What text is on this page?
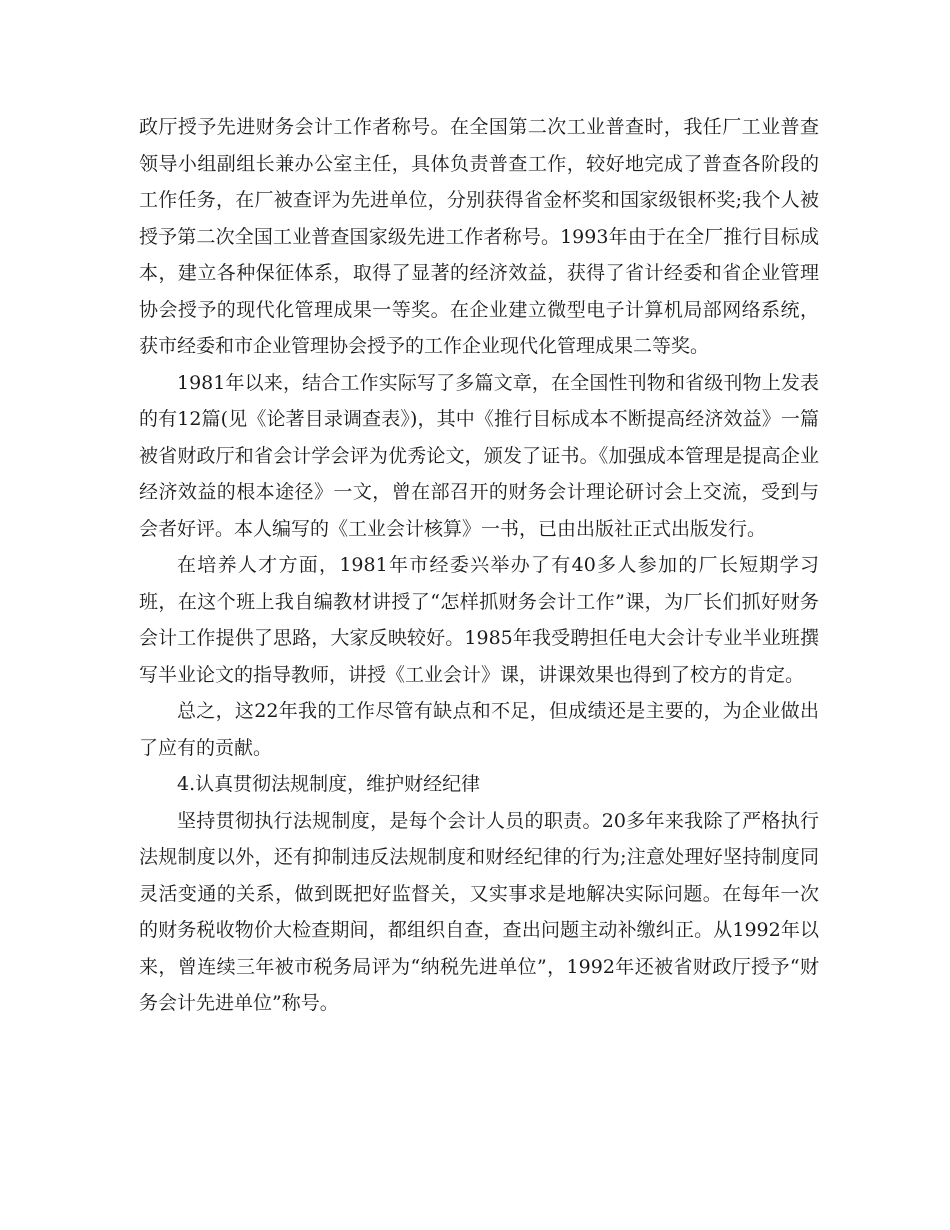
政厅授予先进财务会计工作者称号。在全国第二次工业普查时，我任厂工业普查领导小组副组长兼办公室主任，具体负责普查工作，较好地完成了普查各阶段的工作任务，在厂被查评为先进单位，分别获得省金杯奖和国家级银杯奖;我个人被授予第二次全国工业普查国家级先进工作者称号。1993年由于在全厂推行目标成本，建立各种保征体系，取得了显著的经济效益，获得了省计经委和省企业管理协会授予的现代化管理成果一等奖。在企业建立微型电子计算机局部网络系统，获市经委和市企业管理协会授予的工作企业现代化管理成果二等奖。

1981年以来，结合工作实际写了多篇文章，在全国性刊物和省级刊物上发表的有12篇(见《论著目录调查表》)，其中《推行目标成本不断提高经济效益》一篇被省财政厅和省会计学会评为优秀论文，颁发了证书。《加强成本管理是提高企业经济效益的根本途径》一文，曾在部召开的财务会计理论研讨会上交流，受到与会者好评。本人编写的《工业会计核算》一书，已由出版社正式出版发行。

在培养人才方面，1981年市经委兴举办了有40多人参加的厂长短期学习班，在这个班上我自编教材讲授了“怎样抓财务会计工作”课，为厂长们抓好财务会计工作提供了思路，大家反映较好。1985年我受聘担任电大会计专业半业班撰写半业论文的指导教师，讲授《工业会计》课，讲课效果也得到了校方的肯定。

总之，这22年我的工作尽管有缺点和不足，但成绩还是主要的，为企业做出了应有的贡献。

4.认真贯彻法规制度，维护财经纪律

坚持贯彻执行法规制度，是每个会计人员的职责。20多年来我除了严格执行法规制度以外，还有抑制违反法规制度和财经纪律的行为;注意处理好坚持制度同灵活变通的关系，做到既把好监督关，又实事求是地解决实际问题。在每年一次的财务税收物价大检查期间，都组织自查，查出问题主动补缴纠正。从1992年以来，曾连续三年被市税务局评为“纳税先进单位”，1992年还被省财政厅授予“财务会计先进单位”称号。
